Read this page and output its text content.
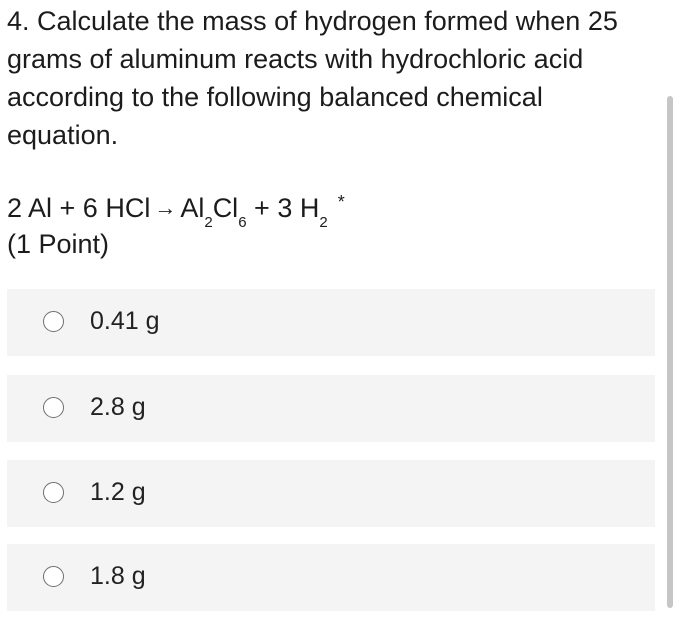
4. Calculate the mass of hydrogen formed when 25 grams of aluminum reacts with hydrochloric acid according to the following balanced chemical equation.
2 Al + 6 HCl → $Al_2Cl_6 + 3$ $H_2^*$
(1 Point)
0.41 g
2.8 g
1.2 g
1.8 g
